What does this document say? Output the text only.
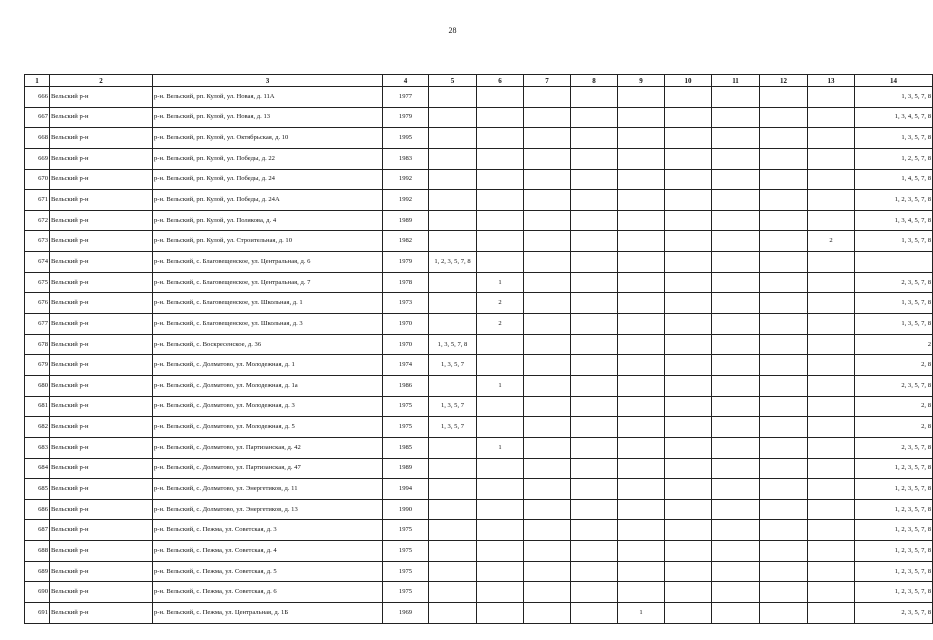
28
1	2	3	4	5	6	7	8	9	10	11	12	13	14
666	Вельский р-н	р-н. Вельский, рп. Кулой, ул. Новая, д. 11А	1977										1, 3, 5, 7, 8
667	Вельский р-н	р-н. Вельский, рп. Кулой, ул. Новая, д. 13	1979										1, 3, 4, 5, 7, 8
668	Вельский р-н	р-н. Вельский, рп. Кулой, ул. Октябрьская, д. 10	1995										1, 3, 5, 7, 8
669	Вельский р-н	р-н. Вельский, рп. Кулой, ул. Победы, д. 22	1983										1, 2, 5, 7, 8
670	Вельский р-н	р-н. Вельский, рп. Кулой, ул. Победы, д. 24	1992										1, 4, 5, 7, 8
671	Вельский р-н	р-н. Вельский, рп. Кулой, ул. Победы, д. 24А	1992										1, 2, 3, 5, 7, 8
672	Вельский р-н	р-н. Вельский, рп. Кулой, ул. Полякова, д. 4	1989										1, 3, 4, 5, 7, 8
673	Вельский р-н	р-н. Вельский, рп. Кулой, ул. Строительная, д. 10	1982									2	1, 3, 5, 7, 8
674	Вельский р-н	р-н. Вельский, с. Благовещенское, ул. Центральная, д. 6	1979	1, 2, 3, 5, 7, 8									
675	Вельский р-н	р-н. Вельский, с. Благовещенское, ул. Центральная, д. 7	1978		1								2, 3, 5, 7, 8
676	Вельский р-н	р-н. Вельский, с. Благовещенское, ул. Школьная, д. 1	1973		2								1, 3, 5, 7, 8
677	Вельский р-н	р-н. Вельский, с. Благовещенское, ул. Школьная, д. 3	1970		2								1, 3, 5, 7, 8
678	Вельский р-н	р-н. Вельский, с. Воскресенское, д. 36	1970	1, 3, 5, 7, 8									2
679	Вельский р-н	р-н. Вельский, с. Долматово, ул. Молодежная, д. 1	1974	1, 3, 5, 7									2, 8
680	Вельский р-н	р-н. Вельский, с. Долматово, ул. Молодежная, д. 1а	1986		1								2, 3, 5, 7, 8
681	Вельский р-н	р-н. Вельский, с. Долматово, ул. Молодежная, д. 3	1975	1, 3, 5, 7									2, 8
682	Вельский р-н	р-н. Вельский, с. Долматово, ул. Молодежная, д. 5	1975	1, 3, 5, 7									2, 8
683	Вельский р-н	р-н. Вельский, с. Долматово, ул. Партизанская, д. 42	1985		1								2, 3, 5, 7, 8
684	Вельский р-н	р-н. Вельский, с. Долматово, ул. Партизанская, д. 47	1989										1, 2, 3, 5, 7, 8
685	Вельский р-н	р-н. Вельский, с. Долматово, ул. Энергетиков, д. 11	1994										1, 2, 3, 5, 7, 8
686	Вельский р-н	р-н. Вельский, с. Долматово, ул. Энергетиков, д. 13	1990										1, 2, 3, 5, 7, 8
687	Вельский р-н	р-н. Вельский, с. Пежма, ул. Советская, д. 3	1975										1, 2, 3, 5, 7, 8
688	Вельский р-н	р-н. Вельский, с. Пежма, ул. Советская, д. 4	1975										1, 2, 3, 5, 7, 8
689	Вельский р-н	р-н. Вельский, с. Пежма, ул. Советская, д. 5	1975										1, 2, 3, 5, 7, 8
690	Вельский р-н	р-н. Вельский, с. Пежма, ул. Советская, д. 6	1975										1, 2, 3, 5, 7, 8
691	Вельский р-н	р-н. Вельский, с. Пежма, ул. Центральная, д. 1Б	1969					1					2, 3, 5, 7, 8
